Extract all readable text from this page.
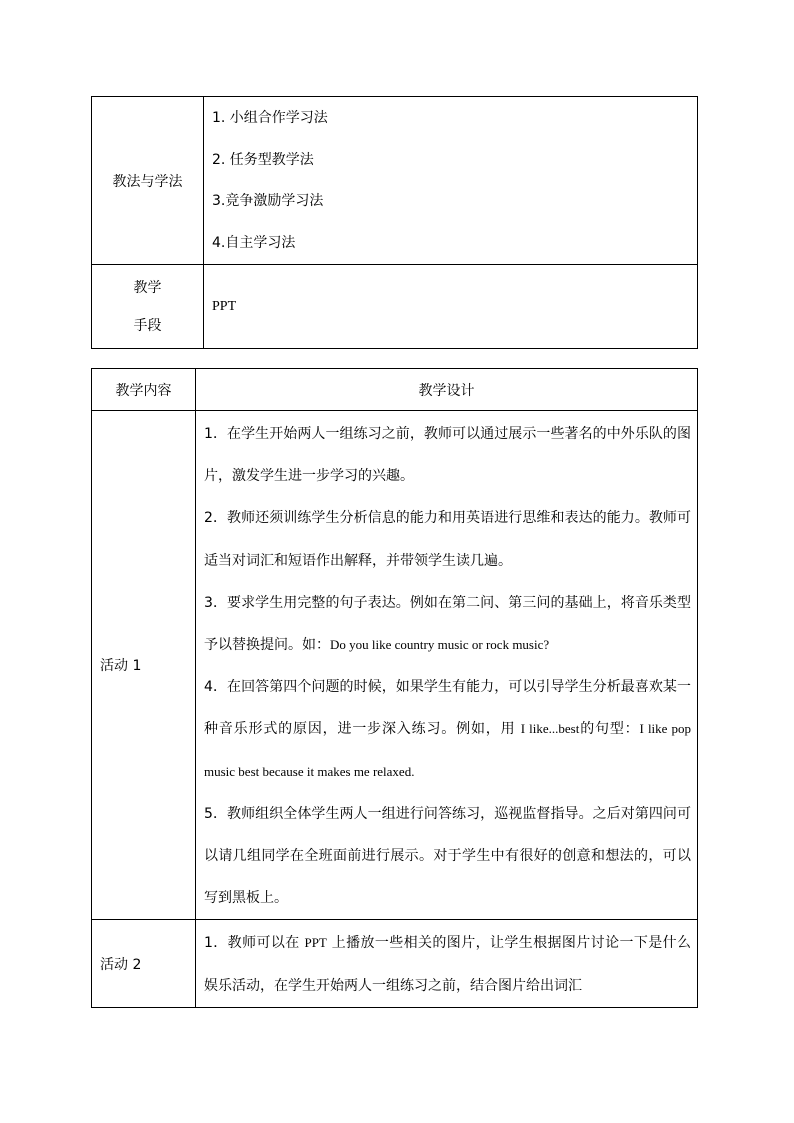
教法与学法	1. 小组合作学习法
2. 任务型教学法
3.竞争激励学习法
4.自主学习法

教学
手段	PPT
教学内容	教学设计
活动 1	1．在学生开始两人一组练习之前，教师可以通过展示一些著名的中外乐队的图片，激发学生进一步学习的兴趣。

2．教师还须训练学生分析信息的能力和用英语进行思维和表达的能力。教师可适当对词汇和短语作出解释，并带领学生读几遍。

3．要求学生用完整的句子表达。例如在第二问、第三问的基础上，将音乐类型予以替换提问。如：Do you like country music or rock music?

4．在回答第四个问题的时候，如果学生有能力，可以引导学生分析最喜欢某一种音乐形式的原因，进一步深入练习。例如，用 I like...best的句型：I like pop music best because it makes me relaxed.

5．教师组织全体学生两人一组进行问答练习，巡视监督指导。之后对第四问可以请几组同学在全班面前进行展示。对于学生中有很好的创意和想法的，可以写到黑板上。

活动 2	1．教师可以在 PPT 上播放一些相关的图片，让学生根据图片讨论一下是什么娱乐活动，在学生开始两人一组练习之前，结合图片给出词汇
